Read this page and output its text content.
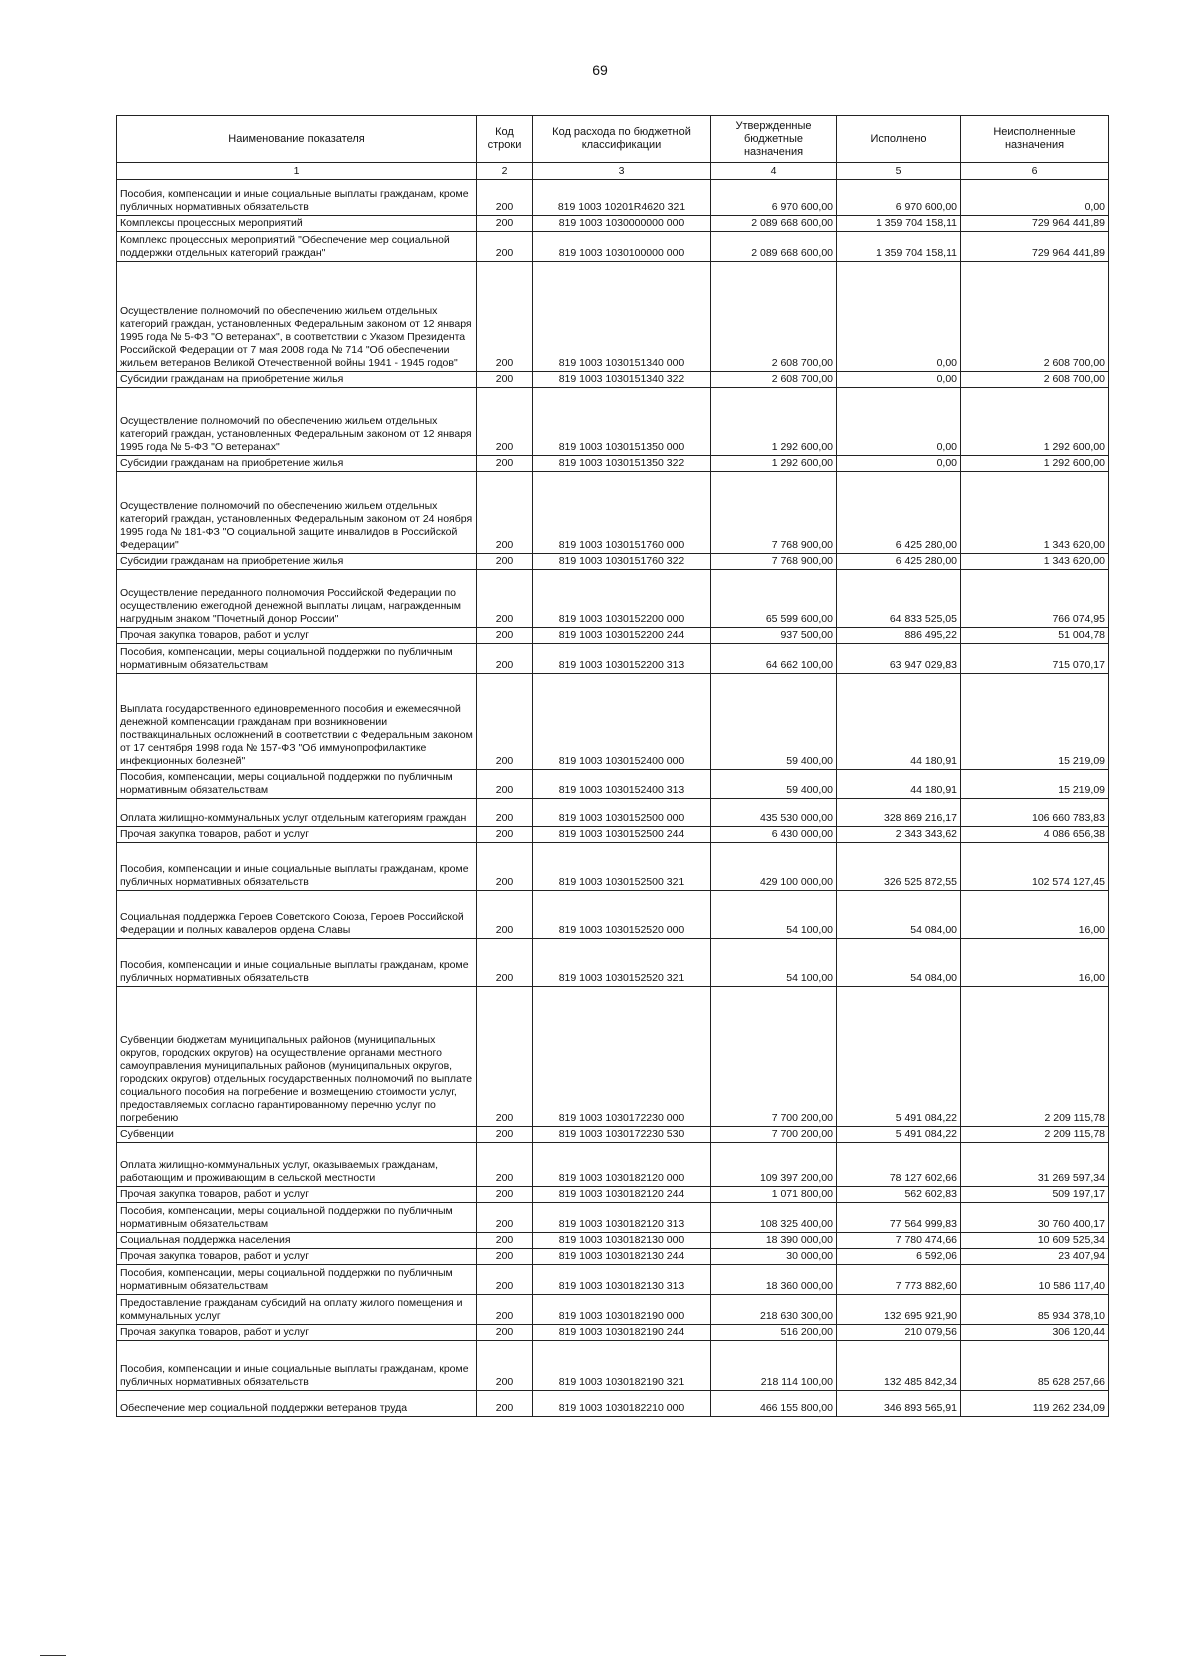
69
Наименование показателя	Код строки	Код расхода по бюджетной классификации	Утвержденные бюджетные назначения	Исполнено	Неисполненные назначения
1	2	3	4	5	6
Пособия, компенсации и иные социальные выплаты гражданам, кроме публичных нормативных обязательств	200	819 1003 10201R4620 321	6 970 600,00	6 970 600,00	0,00
Комплексы процессных мероприятий	200	819 1003 1030000000 000	2 089 668 600,00	1 359 704 158,11	729 964 441,89
Комплекс процессных мероприятий "Обеспечение мер социальной поддержки отдельных категорий граждан"	200	819 1003 1030100000 000	2 089 668 600,00	1 359 704 158,11	729 964 441,89
Осуществление полномочий по обеспечению жильем отдельных категорий граждан, установленных Федеральным законом от 12 января 1995 года № 5-ФЗ "О ветеранах", в соответствии с Указом Президента Российской Федерации от 7 мая 2008 года № 714 "Об обеспечении жильем ветеранов Великой Отечественной войны 1941 - 1945 годов"	200	819 1003 1030151340 000	2 608 700,00	0,00	2 608 700,00
Субсидии гражданам на приобретение жилья	200	819 1003 1030151340 322	2 608 700,00	0,00	2 608 700,00
Осуществление полномочий по обеспечению жильем отдельных категорий граждан, установленных Федеральным законом от 12 января 1995 года № 5-ФЗ "О ветеранах"	200	819 1003 1030151350 000	1 292 600,00	0,00	1 292 600,00
Субсидии гражданам на приобретение жилья	200	819 1003 1030151350 322	1 292 600,00	0,00	1 292 600,00
Осуществление полномочий по обеспечению жильем отдельных категорий граждан, установленных Федеральным законом от 24 ноября 1995 года № 181-ФЗ "О социальной защите инвалидов в Российской Федерации"	200	819 1003 1030151760 000	7 768 900,00	6 425 280,00	1 343 620,00
Субсидии гражданам на приобретение жилья	200	819 1003 1030151760 322	7 768 900,00	6 425 280,00	1 343 620,00
Осуществление переданного полномочия Российской Федерации по осуществлению ежегодной денежной выплаты лицам, награжденным нагрудным знаком "Почетный донор России"	200	819 1003 1030152200 000	65 599 600,00	64 833 525,05	766 074,95
Прочая закупка товаров, работ и услуг	200	819 1003 1030152200 244	937 500,00	886 495,22	51 004,78
Пособия, компенсации, меры социальной поддержки по публичным нормативным обязательствам	200	819 1003 1030152200 313	64 662 100,00	63 947 029,83	715 070,17
Выплата государственного единовременного пособия и ежемесячной денежной компенсации гражданам при возникновении поствакцинальных осложнений в соответствии с Федеральным законом от 17 сентября 1998 года № 157-ФЗ "Об иммунопрофилактике инфекционных болезней"	200	819 1003 1030152400 000	59 400,00	44 180,91	15 219,09
Пособия, компенсации, меры социальной поддержки по публичным нормативным обязательствам	200	819 1003 1030152400 313	59 400,00	44 180,91	15 219,09
Оплата жилищно-коммунальных услуг отдельным категориям граждан	200	819 1003 1030152500 000	435 530 000,00	328 869 216,17	106 660 783,83
Прочая закупка товаров, работ и услуг	200	819 1003 1030152500 244	6 430 000,00	2 343 343,62	4 086 656,38
Пособия, компенсации и иные социальные выплаты гражданам, кроме публичных нормативных обязательств	200	819 1003 1030152500 321	429 100 000,00	326 525 872,55	102 574 127,45
Социальная поддержка Героев Советского Союза, Героев Российской Федерации и полных кавалеров ордена Славы	200	819 1003 1030152520 000	54 100,00	54 084,00	16,00
Пособия, компенсации и иные социальные выплаты гражданам, кроме публичных нормативных обязательств	200	819 1003 1030152520 321	54 100,00	54 084,00	16,00
Субвенции бюджетам муниципальных районов (муниципальных округов, городских округов) на осуществление органами местного самоуправления муниципальных районов (муниципальных округов, городских округов) отдельных государственных полномочий по выплате социального пособия на погребение и возмещению стоимости услуг, предоставляемых согласно гарантированному перечню услуг по погребению	200	819 1003 1030172230 000	7 700 200,00	5 491 084,22	2 209 115,78
Субвенции	200	819 1003 1030172230 530	7 700 200,00	5 491 084,22	2 209 115,78
Оплата жилищно-коммунальных услуг, оказываемых гражданам, работающим и проживающим в сельской местности	200	819 1003 1030182120 000	109 397 200,00	78 127 602,66	31 269 597,34
Прочая закупка товаров, работ и услуг	200	819 1003 1030182120 244	1 071 800,00	562 602,83	509 197,17
Пособия, компенсации, меры социальной поддержки по публичным нормативным обязательствам	200	819 1003 1030182120 313	108 325 400,00	77 564 999,83	30 760 400,17
Социальная поддержка населения	200	819 1003 1030182130 000	18 390 000,00	7 780 474,66	10 609 525,34
Прочая закупка товаров, работ и услуг	200	819 1003 1030182130 244	30 000,00	6 592,06	23 407,94
Пособия, компенсации, меры социальной поддержки по публичным нормативным обязательствам	200	819 1003 1030182130 313	18 360 000,00	7 773 882,60	10 586 117,40
Предоставление гражданам субсидий на оплату жилого помещения и коммунальных услуг	200	819 1003 1030182190 000	218 630 300,00	132 695 921,90	85 934 378,10
Прочая закупка товаров, работ и услуг	200	819 1003 1030182190 244	516 200,00	210 079,56	306 120,44
Пособия, компенсации и иные социальные выплаты гражданам, кроме публичных нормативных обязательств	200	819 1003 1030182190 321	218 114 100,00	132 485 842,34	85 628 257,66
Обеспечение мер социальной поддержки ветеранов труда	200	819 1003 1030182210 000	466 155 800,00	346 893 565,91	119 262 234,09
